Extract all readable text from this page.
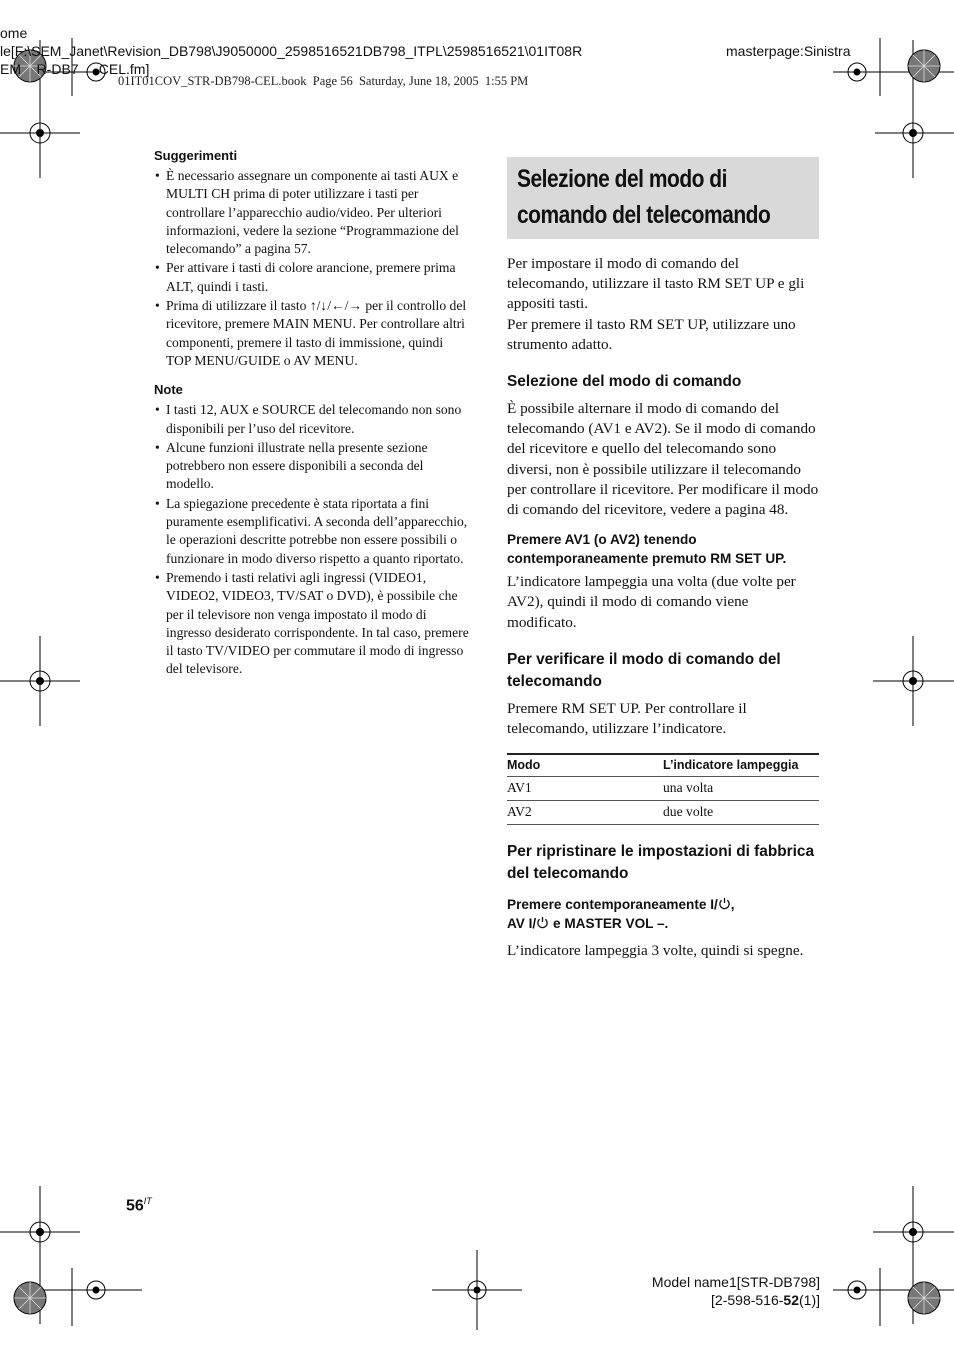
ome
le[F:\SEM_Janet\Revision_DB798\J9050000_2598516521DB798_ITPL\2598516521\01IT08R
EM    R-DB7    -CEL.fm]
masterpage:Sinistra
01IT01COV_STR-DB798-CEL.book  Page 56  Saturday, June 18, 2005  1:55 PM
Suggerimenti
• È necessario assegnare un componente ai tasti AUX e MULTI CH prima di poter utilizzare i tasti per controllare l’apparecchio audio/video. Per ulteriori informazioni, vedere la sezione “Programmazione del telecomando” a pagina 57.
• Per attivare i tasti di colore arancione, premere prima ALT, quindi i tasti.
• Prima di utilizzare il tasto ↑/↓/←/→ per il controllo del ricevitore, premere MAIN MENU. Per controllare altri componenti, premere il tasto di immissione, quindi TOP MENU/GUIDE o AV MENU.
Note
• I tasti 12, AUX e SOURCE del telecomando non sono disponibili per l’uso del ricevitore.
• Alcune funzioni illustrate nella presente sezione potrebbero non essere disponibili a seconda del modello.
• La spiegazione precedente è stata riportata a fini puramente esemplificativi. A seconda dell’apparecchio, le operazioni descritte potrebbe non essere possibili o funzionare in modo diverso rispetto a quanto riportato.
• Premendo i tasti relativi agli ingressi (VIDEO1, VIDEO2, VIDEO3, TV/SAT o DVD), è possibile che per il televisore non venga impostato il modo di ingresso desiderato corrispondente. In tal caso, premere il tasto TV/VIDEO per commutare il modo di ingresso del televisore.
Selezione del modo di
comando del telecomando

Per impostare il modo di comando del telecomando, utilizzare il tasto RM SET UP e gli appositi tasti.

Per premere il tasto RM SET UP, utilizzare uno strumento adatto.

Selezione del modo di comando

È possibile alternare il modo di comando del telecomando (AV1 e AV2). Se il modo di comando del ricevitore e quello del telecomando sono diversi, non è possibile utilizzare il telecomando per controllare il ricevitore. Per modificare il modo di comando del ricevitore, vedere a pagina 48.

Premere AV1 (o AV2) tenendo contemporaneamente premuto RM SET UP.

L’indicatore lampeggia una volta (due volte per AV2), quindi il modo di comando viene modificato.

Per verificare il modo di comando del telecomando

Premere RM SET UP. Per controllare il telecomando, utilizzare l’indicatore.

Modo	L’indicatore lampeggia
AV1	una volta
AV2	due volte

Per ripristinare le impostazioni di fabbrica del telecomando

Premere contemporaneamente I/ ,
AV I/ e MASTER VOL –.

L’indicatore lampeggia 3 volte, quindi si spegne.

$56^{IT}$
Model name1[STR-DB798]
[2-598-516-52(1)]
